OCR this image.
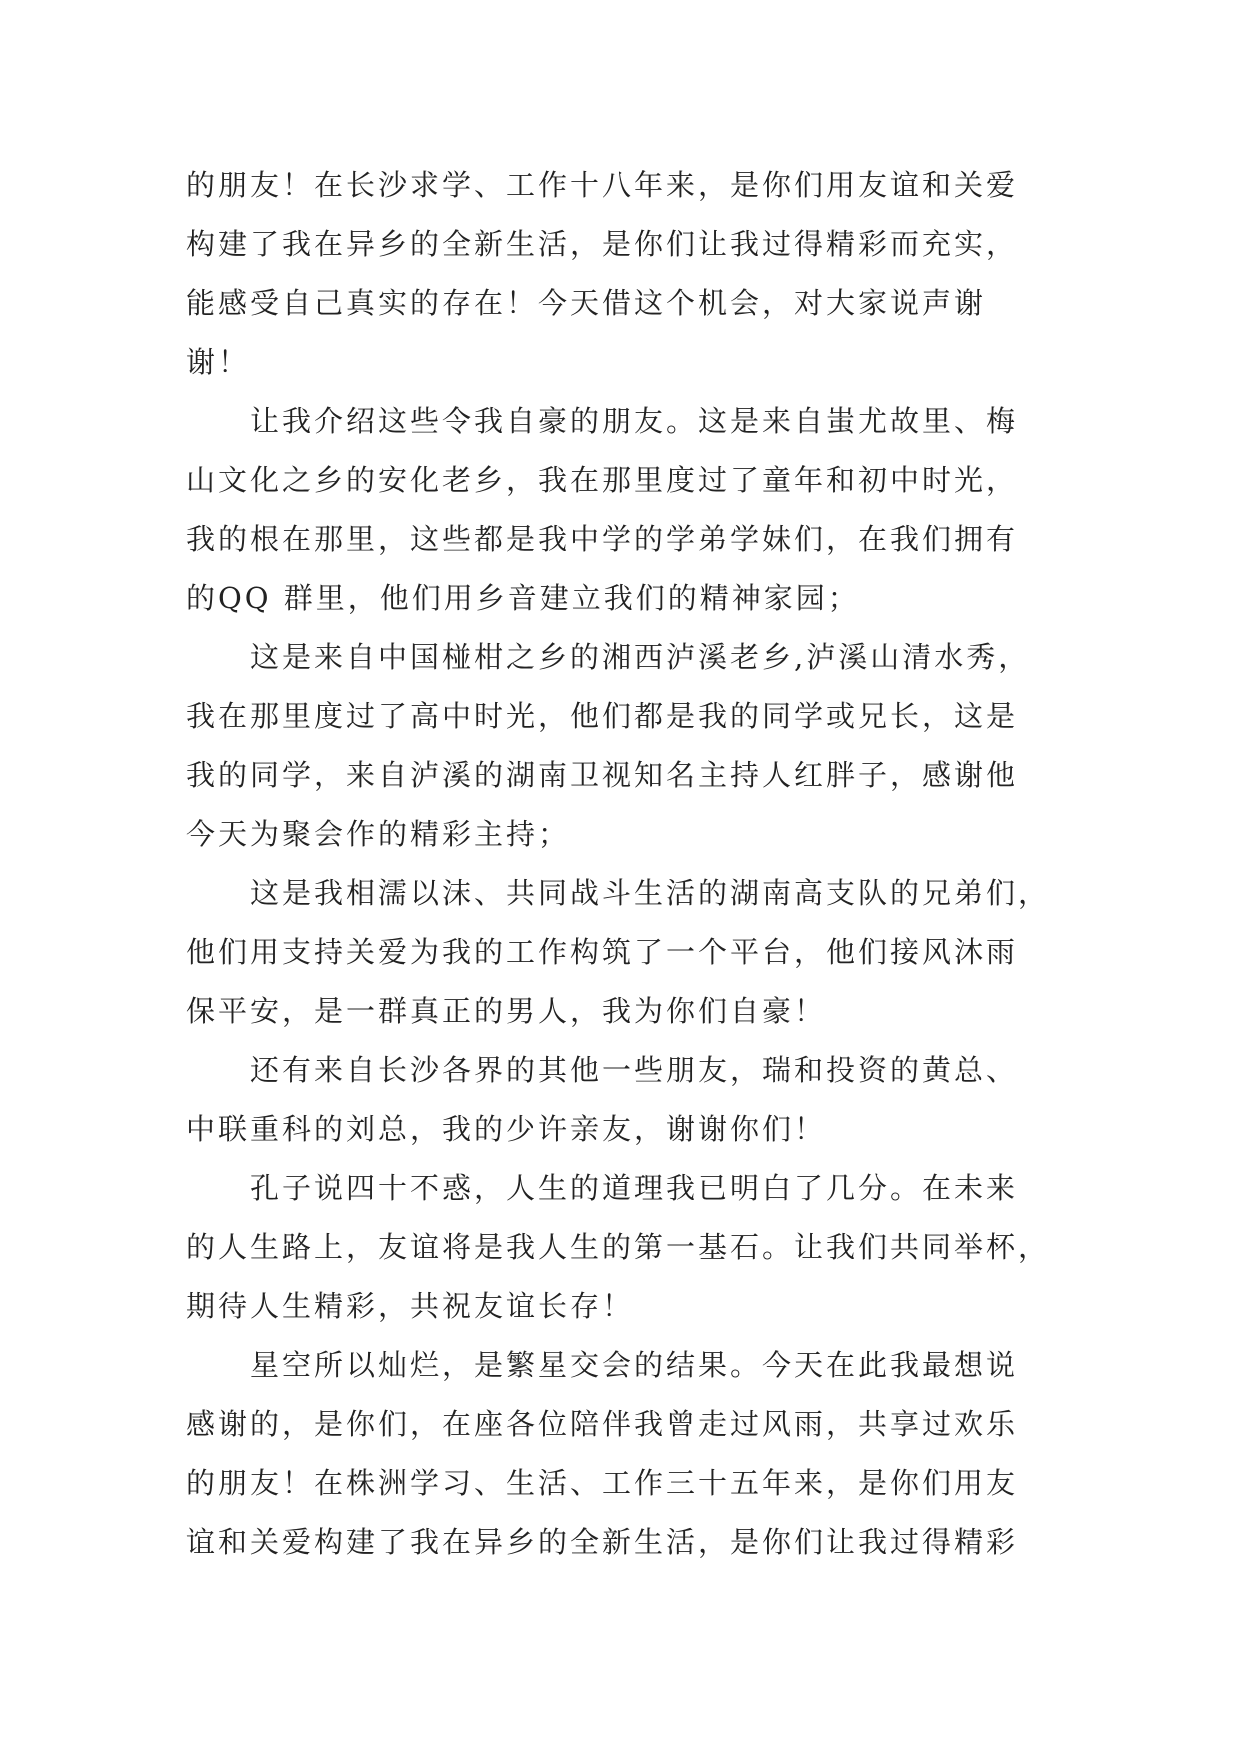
的朋友！在长沙求学、工作十八年来，是你们用友谊和关爱
构建了我在异乡的全新生活，是你们让我过得精彩而充实，
能感受自己真实的存在！今天借这个机会，对大家说声谢
谢！
让我介绍这些令我自豪的朋友。这是来自蚩尤故里、梅
山文化之乡的安化老乡，我在那里度过了童年和初中时光，
我的根在那里，这些都是我中学的学弟学妹们，在我们拥有
的QQ 群里，他们用乡音建立我们的精神家园；
这是来自中国椪柑之乡的湘西泸溪老乡,泸溪山清水秀，
我在那里度过了高中时光，他们都是我的同学或兄长，这是
我的同学，来自泸溪的湖南卫视知名主持人红胖子，感谢他
今天为聚会作的精彩主持；
这是我相濡以沫、共同战斗生活的湖南高支队的兄弟们，
他们用支持关爱为我的工作构筑了一个平台，他们接风沐雨
保平安，是一群真正的男人，我为你们自豪！
还有来自长沙各界的其他一些朋友，瑞和投资的黄总、
中联重科的刘总，我的少许亲友，谢谢你们！
孔子说四十不惑，人生的道理我已明白了几分。在未来
的人生路上，友谊将是我人生的第一基石。让我们共同举杯，
期待人生精彩，共祝友谊长存！
星空所以灿烂，是繁星交会的结果。今天在此我最想说
感谢的，是你们，在座各位陪伴我曾走过风雨，共享过欢乐
的朋友！在株洲学习、生活、工作三十五年来，是你们用友
谊和关爱构建了我在异乡的全新生活，是你们让我过得精彩
